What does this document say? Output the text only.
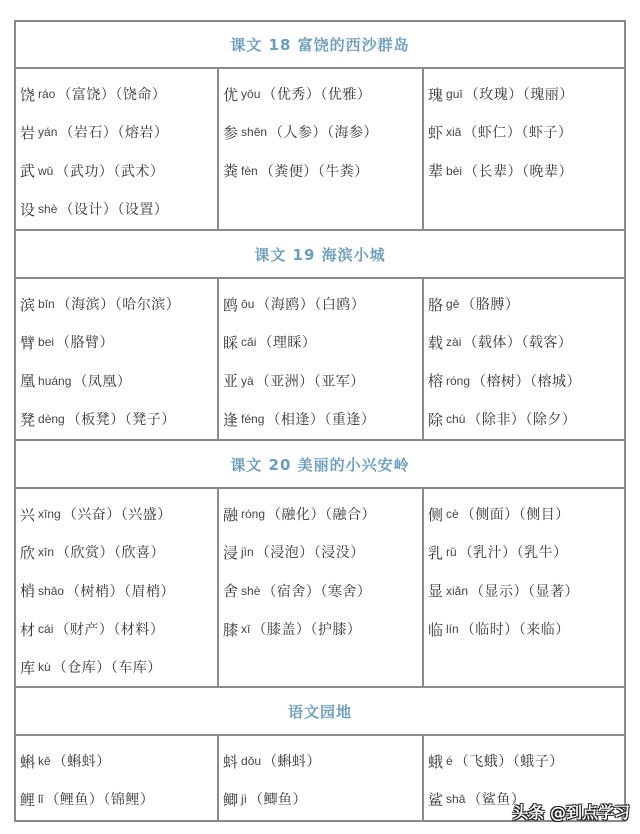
课文 18 富饶的西沙群岛
饶 ráo （富饶）（饶命）
岩 yán （岩石）（熔岩）
武 wǔ （武功）（武术）
设 shè （设计）（设置）
优 yōu （优秀）（优雅）
参 shēn （人参）（海参）
粪 fèn （粪便）（牛粪）
瑰 guī （玫瑰）（瑰丽）
虾 xiā （虾仁）（虾子）
辈 bèi （长辈）（晚辈）
课文 19 海滨小城
滨 bīn （海滨）（哈尔滨）
臂 bei （胳臂）
凰 huáng （凤凰）
凳 dèng （板凳）（凳子）
鸥 ōu （海鸥）（白鸥）
睬 cǎi （理睬）
亚 yà （亚洲）（亚军）
逢 féng （相逢）（重逢）
胳 gē （胳膊）
载 zài （载体）（载客）
榕 róng （榕树）（榕城）
除 chú （除非）（除夕）
课文 20 美丽的小兴安岭
兴 xīng （兴奋）（兴盛）
欣 xīn （欣赏）（欣喜）
梢 shāo （树梢）（眉梢）
材 cái （财产）（材料）
库 kù （仓库）（车库）
融 róng （融化）（融合）
浸 jìn （浸泡）（浸没）
舍 shè （宿舍）（寒舍）
膝 xī （膝盖）（护膝）
侧 cè （侧面）（侧目）
乳 rǔ （乳汁）（乳牛）
显 xiǎn （显示）（显著）
临 lín （临时）（来临）
语文园地
蝌 kē （蝌蚪）
鲤 lǐ （鲤鱼）（锦鲤）
蚪 dǒu （蝌蚪）
鲫 jì （鲫鱼）
蛾 é （飞蛾）（蛾子）
鲨 shā （鲨鱼）
头条 @到点学习
